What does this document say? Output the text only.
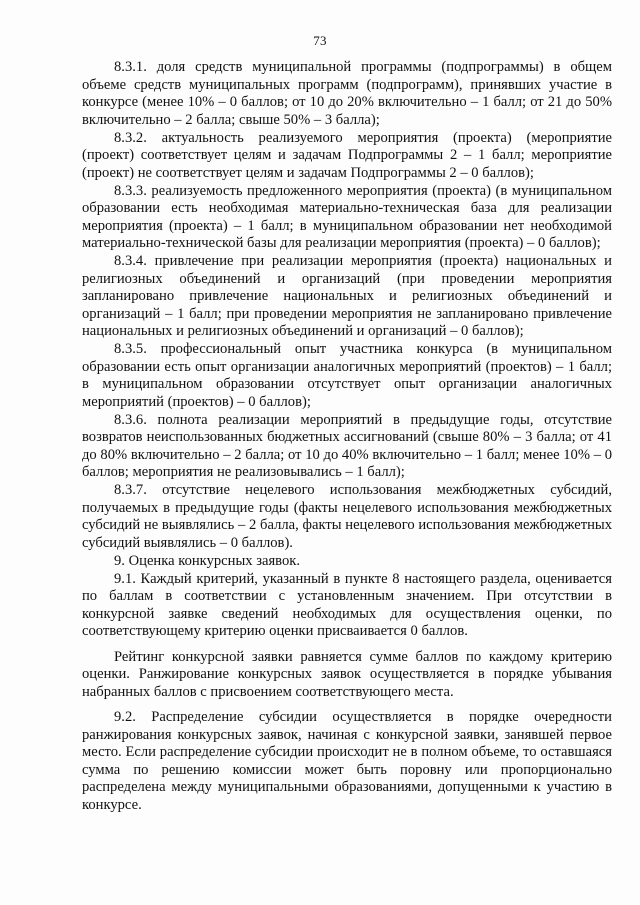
73

8.3.1. доля средств муниципальной программы (подпрограммы) в общем объеме средств муниципальных программ (подпрограмм), принявших участие в конкурсе (менее 10% – 0 баллов; от 10 до 20% включительно – 1 балл; от 21 до 50% включительно – 2 балла; свыше 50% – 3 балла);

8.3.2. актуальность реализуемого мероприятия (проекта) (мероприятие (проект) соответствует целям и задачам Подпрограммы 2 – 1 балл; мероприятие (проект) не соответствует целям и задачам Подпрограммы 2 – 0 баллов);

8.3.3. реализуемость предложенного мероприятия (проекта) (в муниципальном образовании есть необходимая материально-техническая база для реализации мероприятия (проекта) – 1 балл; в муниципальном образовании нет необходимой материально-технической базы для реализации мероприятия (проекта) – 0 баллов);

8.3.4. привлечение при реализации мероприятия (проекта) национальных и религиозных объединений и организаций (при проведении мероприятия запланировано привлечение национальных и религиозных объединений и организаций – 1 балл; при проведении мероприятия не запланировано привлечение национальных и религиозных объединений и организаций – 0 баллов);

8.3.5. профессиональный опыт участника конкурса (в муниципальном образовании есть опыт организации аналогичных мероприятий (проектов) – 1 балл; в муниципальном образовании отсутствует опыт организации аналогичных мероприятий (проектов) – 0 баллов);

8.3.6. полнота реализации мероприятий в предыдущие годы, отсутствие возвратов неиспользованных бюджетных ассигнований (свыше 80% – 3 балла; от 41 до 80% включительно – 2 балла; от 10 до 40% включительно – 1 балл; менее 10% – 0 баллов; мероприятия не реализовывались – 1 балл);

8.3.7. отсутствие нецелевого использования межбюджетных субсидий, получаемых в предыдущие годы (факты нецелевого использования межбюджетных субсидий не выявлялись – 2 балла, факты нецелевого использования межбюджетных субсидий выявлялись – 0 баллов).

9. Оценка конкурсных заявок.

9.1. Каждый критерий, указанный в пункте 8 настоящего раздела, оценивается по баллам в соответствии с установленным значением. При отсутствии в конкурсной заявке сведений необходимых для осуществления оценки, по соответствующему критерию оценки присваивается 0 баллов.

Рейтинг конкурсной заявки равняется сумме баллов по каждому критерию оценки. Ранжирование конкурсных заявок осуществляется в порядке убывания набранных баллов с присвоением соответствующего места.

9.2. Распределение субсидии осуществляется в порядке очередности ранжирования конкурсных заявок, начиная с конкурсной заявки, занявшей первое место. Если распределение субсидии происходит не в полном объеме, то оставшаяся сумма по решению комиссии может быть поровну или пропорционально распределена между муниципальными образованиями, допущенными к участию в конкурсе.
